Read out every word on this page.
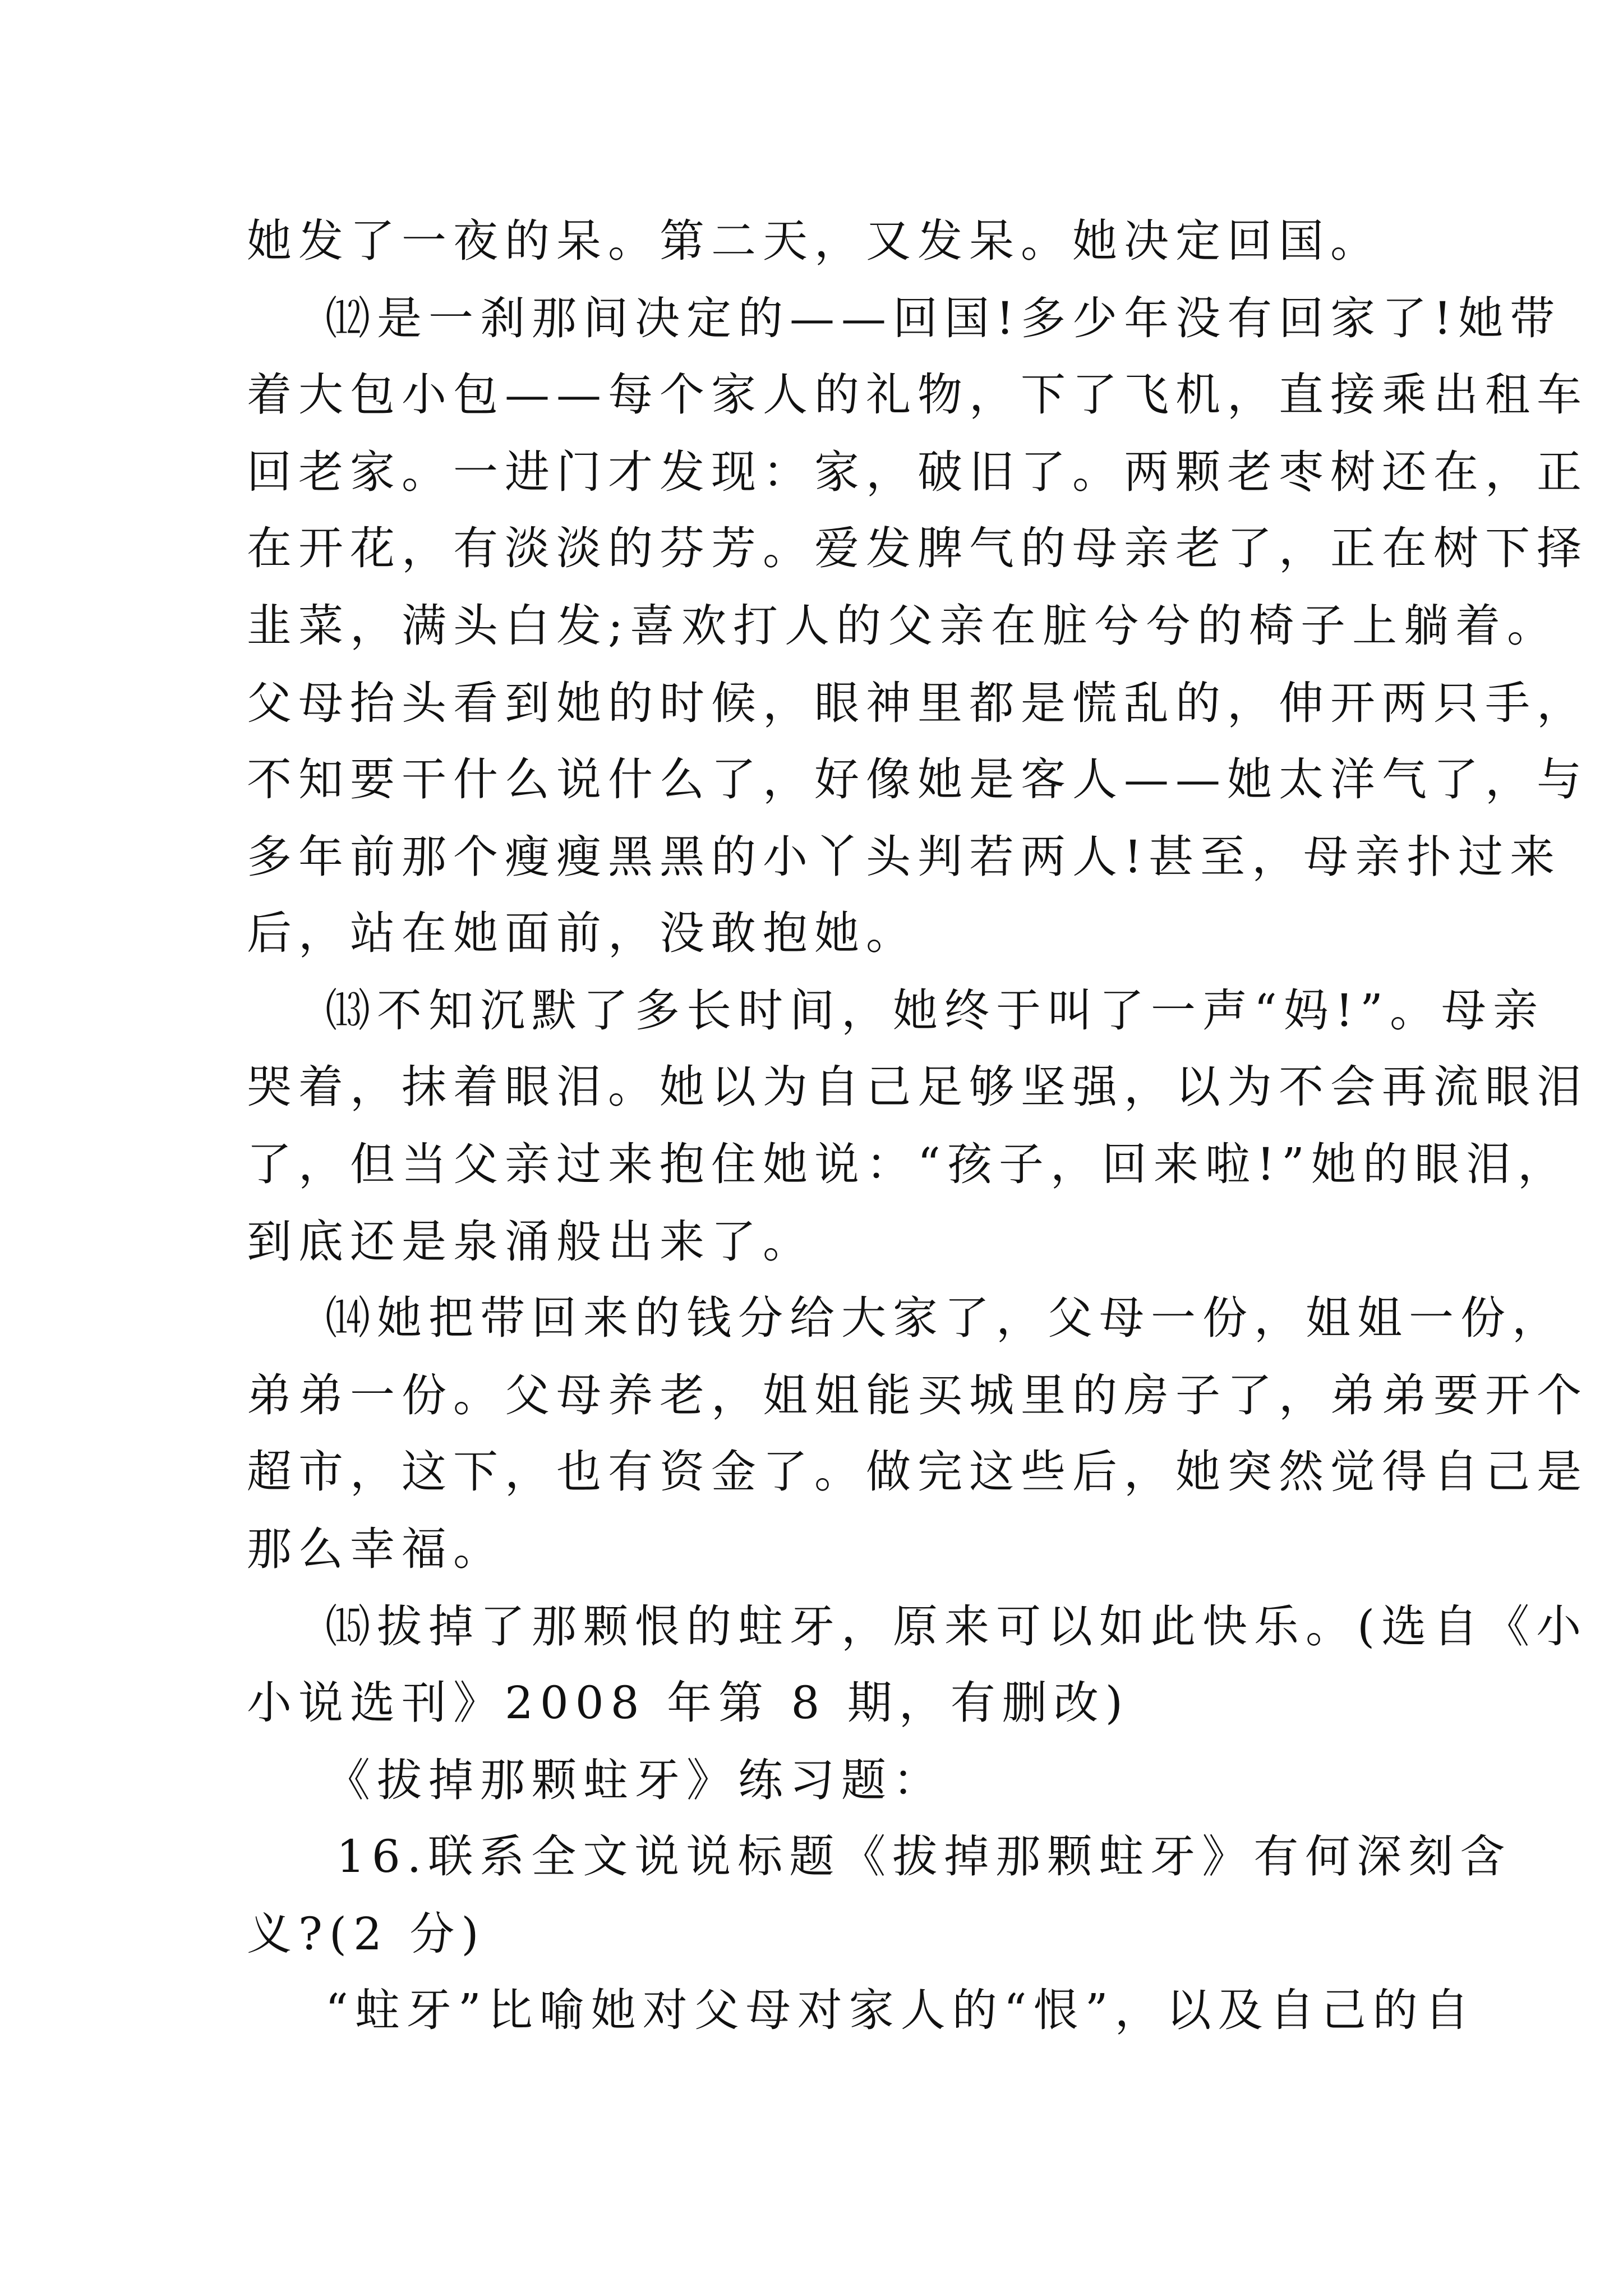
她发了一夜的呆。第二天，又发呆。她决定回国。
⑿是一刹那间决定的——回国!多少年没有回家了!她带
着大包小包——每个家人的礼物，下了飞机，直接乘出租车
回老家。一进门才发现：家，破旧了。两颗老枣树还在，正
在开花，有淡淡的芬芳。爱发脾气的母亲老了，正在树下择
韭菜，满头白发;喜欢打人的父亲在脏兮兮的椅子上躺着。
父母抬头看到她的时候，眼神里都是慌乱的，伸开两只手，
不知要干什么说什么了，好像她是客人——她太洋气了，与
多年前那个瘦瘦黑黑的小丫头判若两人!甚至，母亲扑过来
后，站在她面前，没敢抱她。
⒀不知沉默了多长时间，她终于叫了一声“妈!”。母亲
哭着，抹着眼泪。她以为自己足够坚强，以为不会再流眼泪
了，但当父亲过来抱住她说：“孩子，回来啦!”她的眼泪，
到底还是泉涌般出来了。
⒁她把带回来的钱分给大家了，父母一份，姐姐一份，
弟弟一份。父母养老，姐姐能买城里的房子了，弟弟要开个
超市，这下，也有资金了。做完这些后，她突然觉得自己是
那么幸福。
⒂拔掉了那颗恨的蛀牙，原来可以如此快乐。(选自《小
小说选刊》2008 年第 8 期，有删改)
《拔掉那颗蛀牙》练习题：
16.联系全文说说标题《拔掉那颗蛀牙》有何深刻含
义?(2 分)
“蛀牙”比喻她对父母对家人的“恨”，以及自己的自
